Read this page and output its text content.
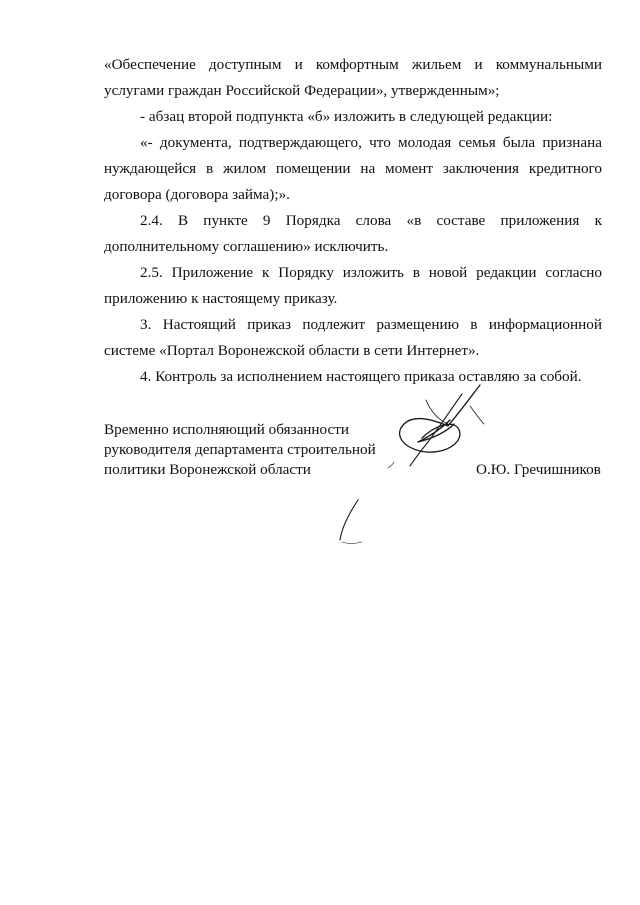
«Обеспечение доступным и комфортным жильем и коммунальными услугами граждан Российской Федерации», утвержденным»;

- абзац второй подпункта «б» изложить в следующей редакции:

«- документа, подтверждающего, что молодая семья была признана нуждающейся в жилом помещении на момент заключения кредитного договора (договора займа);».

2.4. В пункте 9 Порядка слова «в составе приложения к дополнительному соглашению» исключить.

2.5. Приложение к Порядку изложить в новой редакции согласно приложению к настоящему приказу.

3. Настоящий приказ подлежит размещению в информационной системе «Портал Воронежской области в сети Интернет».

4. Контроль за исполнением настоящего приказа оставляю за собой.

Временно исполняющий обязанности
руководителя департамента строительной
политики Воронежской области	О.Ю. Гречишников
